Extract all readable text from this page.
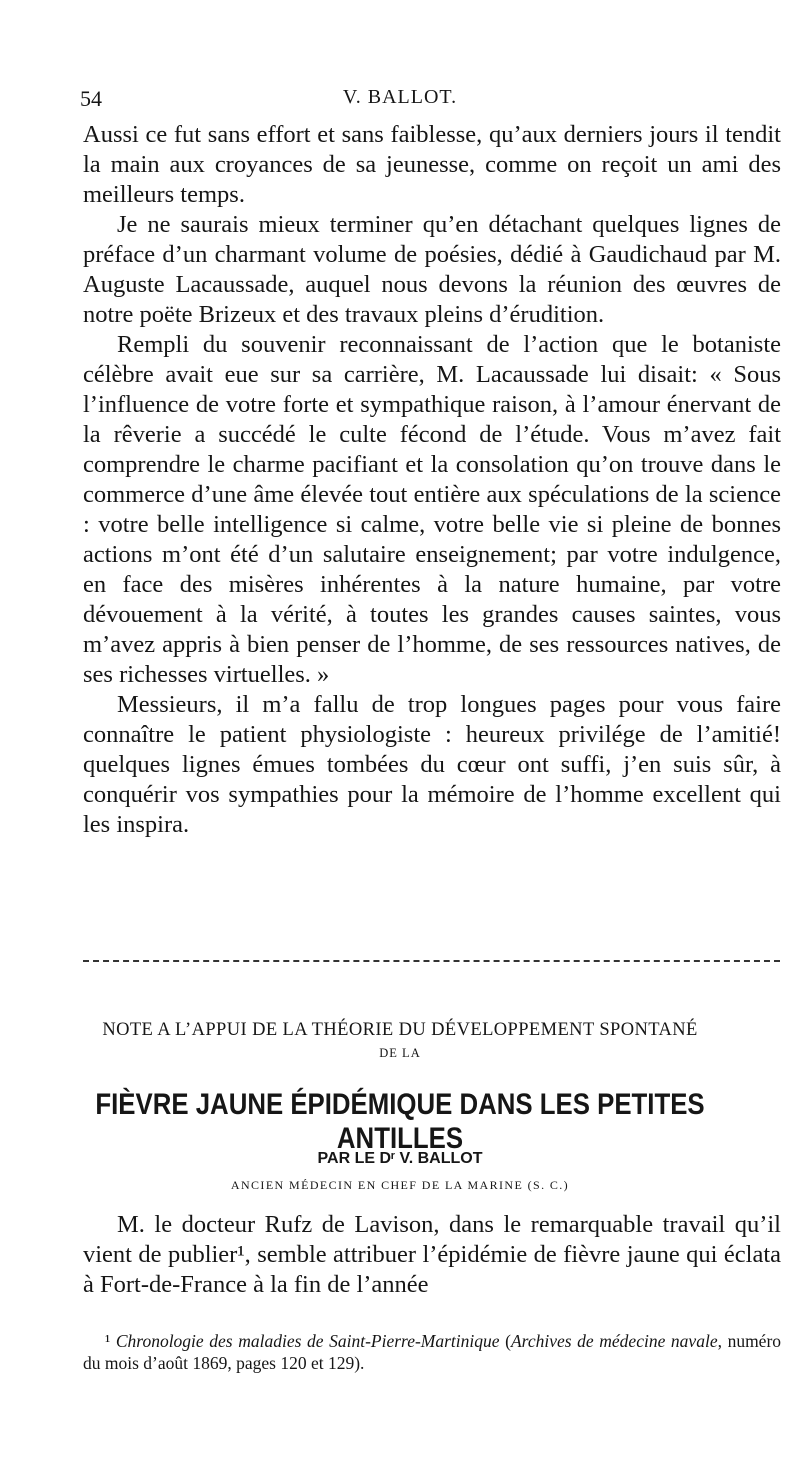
54	V. BALLOT.

Aussi ce fut sans effort et sans faiblesse, qu’aux derniers jours il tendit la main aux croyances de sa jeunesse, comme on reçoit un ami des meilleurs temps.

Je ne saurais mieux terminer qu’en détachant quelques lignes de préface d’un charmant volume de poésies, dédié à Gaudichaud par M. Auguste Lacaussade, auquel nous devons la réunion des œuvres de notre poëte Brizeux et des travaux pleins d’érudition.

Rempli du souvenir reconnaissant de l’action que le botaniste célèbre avait eue sur sa carrière, M. Lacaussade lui disait: « Sous l’influence de votre forte et sympathique raison, à l’amour énervant de la rêverie a succédé le culte fécond de l’étude. Vous m’avez fait comprendre le charme pacifiant et la consolation qu’on trouve dans le commerce d’une âme élevée tout entière aux spéculations de la science : votre belle intelligence si calme, votre belle vie si pleine de bonnes actions m’ont été d’un salutaire enseignement; par votre indulgence, en face des misères inhérentes à la nature humaine, par votre dévouement à la vérité, à toutes les grandes causes saintes, vous m’avez appris à bien penser de l’homme, de ses ressources natives, de ses richesses virtuelles. »

Messieurs, il m’a fallu de trop longues pages pour vous faire connaître le patient physiologiste : heureux privilége de l’amitié! quelques lignes émues tombées du cœur ont suffi, j’en suis sûr, à conquérir vos sympathies pour la mémoire de l’homme excellent qui les inspira.

NOTE A L’APPUI DE LA THÉORIE DU DÉVELOPPEMENT SPONTANÉ
DE LA
FIÈVRE JAUNE ÉPIDÉMIQUE DANS LES PETITES ANTILLES
PAR LE Dʳ V. BALLOT
ANCIEN MÉDECIN EN CHEF DE LA MARINE (S. C.)

M. le docteur Rufz de Lavison, dans le remarquable travail qu’il vient de publier¹, semble attribuer l’épidémie de fièvre jaune qui éclata à Fort-de-France à la fin de l’année

¹ Chronologie des maladies de Saint-Pierre-Martinique (Archives de médecine navale, numéro du mois d’août 1869, pages 120 et 129).
